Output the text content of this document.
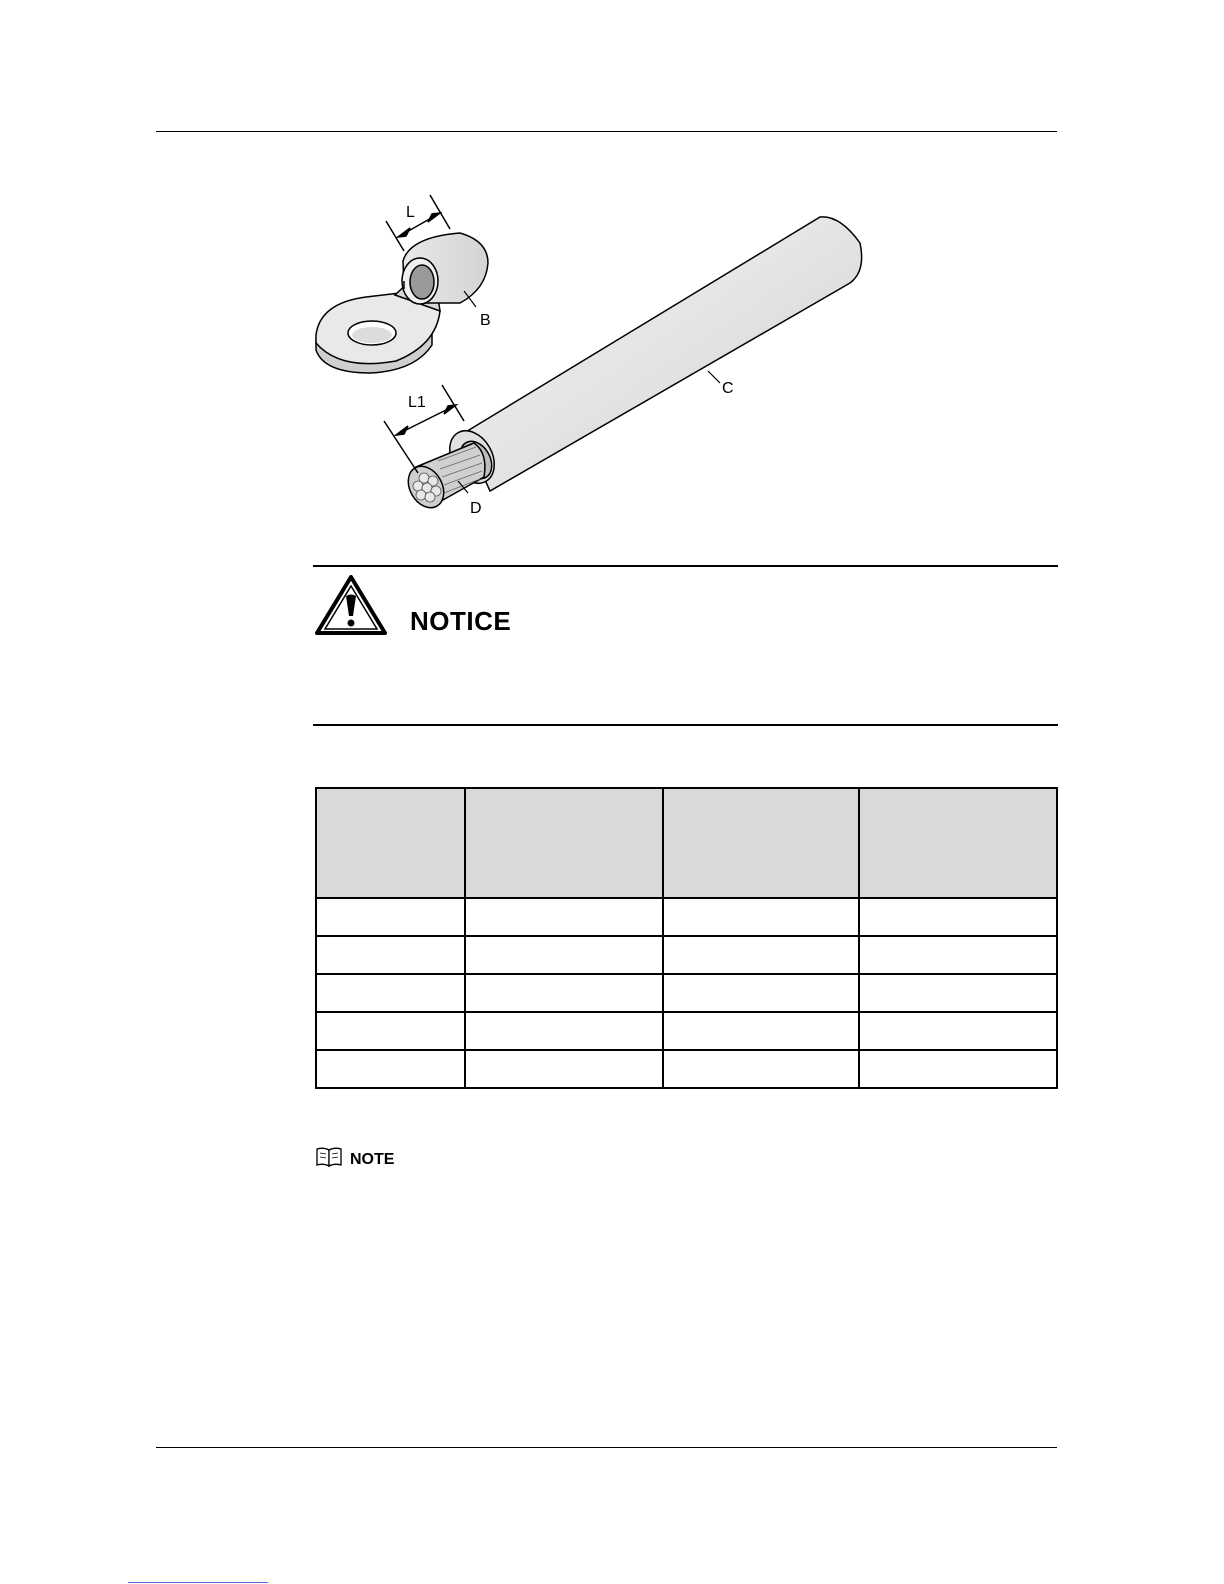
L
B
L1
C
D
NOTICE

NOTE
